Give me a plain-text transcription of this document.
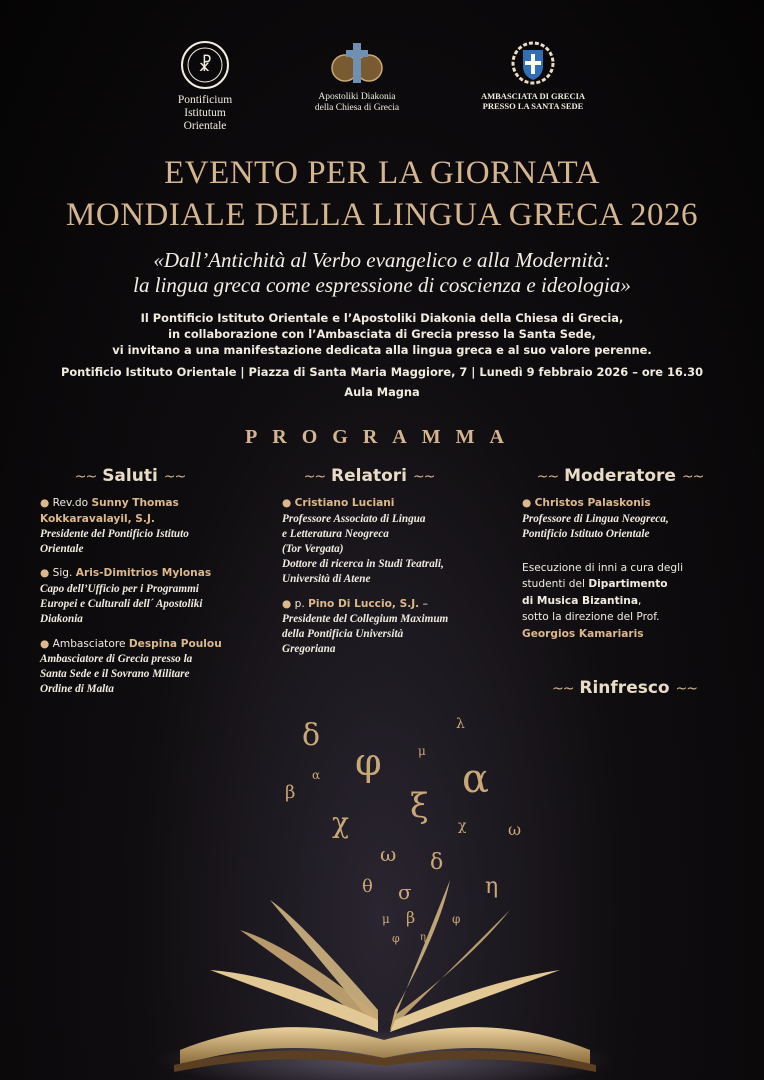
☧
Pontificium
Istitutum
Orientale
Apostoliki Diakonia
della Chiesa di Grecia
AMBASCIATA DI GRECIA
PRESSO LA SANTA SEDE
EVENTO PER LA GIORNATA
MONDIALE DELLA LINGUA GRECA 2026
«Dall’Antichità al Verbo evangelico e alla Modernità:
la lingua greca come espressione di coscienza e ideologia»
Il Pontificio Istituto Orientale e l’Apostoliki Diakonia della Chiesa di Grecia,
in collaborazione con l’Ambasciata di Grecia presso la Santa Sede,
vi invitano a una manifestazione dedicata alla lingua greca e al suo valore perenne.
Pontificio Istituto Orientale | Piazza di Santa Maria Maggiore, 7 | Lunedì 9 febbraio 2026 – ore 16.30
Aula Magna
PROGRAMMA
~~ Saluti ~~	~~ Relatori ~~	~~ Moderatore ~~
● Rev.do Sunny Thomas
Kokkaravalayil, S.J.
Presidente del Pontificio Istituto
Orientale
● Sig. Aris-Dimitrios Mylonas
Capo dell’Ufficio per i Programmi
Europei e Culturali dell´ Apostoliki
Diakonia
● Ambasciatore Despina Poulou
Ambasciatore di Grecia presso la
Santa Sede e il Sovrano Militare
Ordine di Malta
● Cristiano Luciani
Professore Associato di Lingua
e Letteratura Neogreca
(Tor Vergata)
Dottore di ricerca in Studi Teatrali,
Università di Atene
● p. Pino Di Luccio, S.J. –
Presidente del Collegium Maximum
della Pontificia Università
Gregoriana
● Christos Palaskonis
Professore di Lingua Neogreca,
Pontificio Istituto Orientale
Esecuzione di inni a cura degli
studenti del Dipartimento
di Musica Bizantina,
sotto la direzione del Prof.
Georgios Kamariaris
~~ Rinfresco ~~
δ	λ
μ
φ α
β
α
ξ
χ	χ	ω
ω δ
η
θ σ
μ β	φ
φ η
